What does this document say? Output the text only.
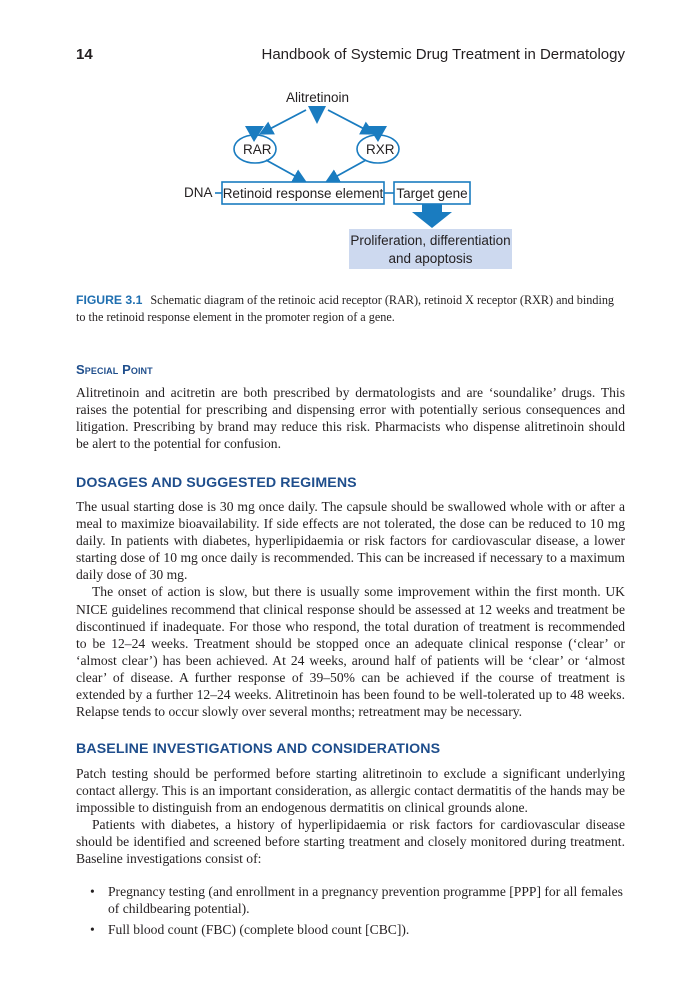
14	Handbook of Systemic Drug Treatment in Dermatology
Alitretinoin
RAR	RXR
DNA Retinoid response element Target gene
Proliferation, differentiation
and apoptosis
FIGURE 3.1 Schematic diagram of the retinoic acid receptor (RAR), retinoid X receptor (RXR) and binding to the retinoid response element in the promoter region of a gene.
Special Point

Alitretinoin and acitretin are both prescribed by dermatologists and are ‘soundalike’ drugs. This raises the potential for prescribing and dispensing error with potentially serious consequences and litigation. Prescribing by brand may reduce this risk. Pharmacists who dispense alitretinoin should be alert to the potential for confusion.

DOSAGES AND SUGGESTED REGIMENS

The usual starting dose is 30 mg once daily. The capsule should be swallowed whole with or after a meal to maximize bioavailability. If side effects are not tolerated, the dose can be reduced to 10 mg daily. In patients with diabetes, hyperlipidaemia or risk factors for cardiovascular disease, a lower starting dose of 10 mg once daily is recommended. This can be increased if necessary to a maximum daily dose of 30 mg.

The onset of action is slow, but there is usually some improvement within the first month. UK NICE guidelines recommend that clinical response should be assessed at 12 weeks and treatment be discontinued if inadequate. For those who respond, the total duration of treatment is recommended to be 12–24 weeks. Treatment should be stopped once an adequate clinical response (‘clear’ or ‘almost clear’) has been achieved. At 24 weeks, around half of patients will be ‘clear’ or ‘almost clear’ of disease. A further response of 39–50% can be achieved if the course of treatment is extended by a further 12–24 weeks. Alitretinoin has been found to be well-tolerated up to 48 weeks. Relapse tends to occur slowly over several months; retreatment may be necessary.

BASELINE INVESTIGATIONS AND CONSIDERATIONS

Patch testing should be performed before starting alitretinoin to exclude a significant underlying contact allergy. This is an important consideration, as allergic contact dermatitis of the hands may be impossible to distinguish from an endogenous dermatitis on clinical grounds alone.

Patients with diabetes, a history of hyperlipidaemia or risk factors for cardiovascular disease should be identified and screened before starting treatment and closely monitored during treatment. Baseline investigations consist of:

• Pregnancy testing (and enrollment in a pregnancy prevention programme [PPP] for all females of childbearing potential).
• Full blood count (FBC) (complete blood count [CBC]).
